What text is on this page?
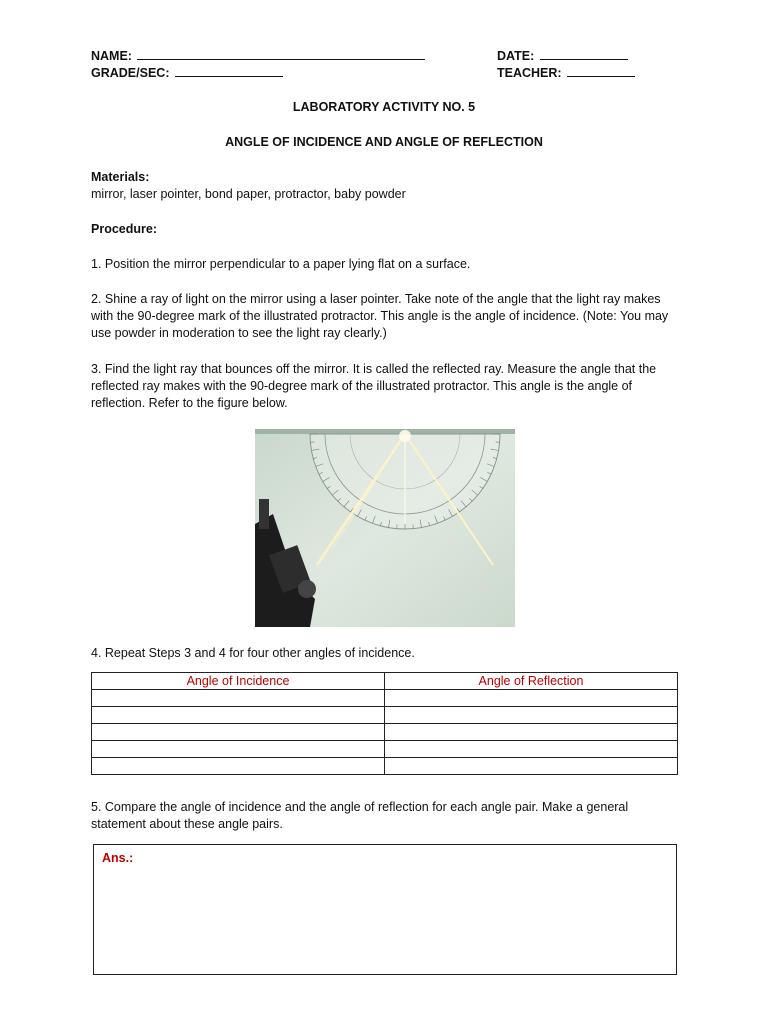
NAME:
GRADE/SEC:
DATE:
TEACHER:
LABORATORY ACTIVITY NO. 5
ANGLE OF INCIDENCE AND ANGLE OF REFLECTION
Materials:
mirror, laser pointer, bond paper, protractor, baby powder
Procedure:
1. Position the mirror perpendicular to a paper lying flat on a surface.
2. Shine a ray of light on the mirror using a laser pointer. Take note of the angle that the light ray makes with the 90-degree mark of the illustrated protractor. This angle is the angle of incidence. (Note: You may use powder in moderation to see the light ray clearly.)
3. Find the light ray that bounces off the mirror. It is called the reflected ray. Measure the angle that the reflected ray makes with the 90-degree mark of the illustrated protractor. This angle is the angle of reflection. Refer to the figure below.
4. Repeat Steps 3 and 4 for four other angles of incidence.
Angle of Incidence	Angle of Reflection

5. Compare the angle of incidence and the angle of reflection for each angle pair. Make a general statement about these angle pairs.
Ans.:
